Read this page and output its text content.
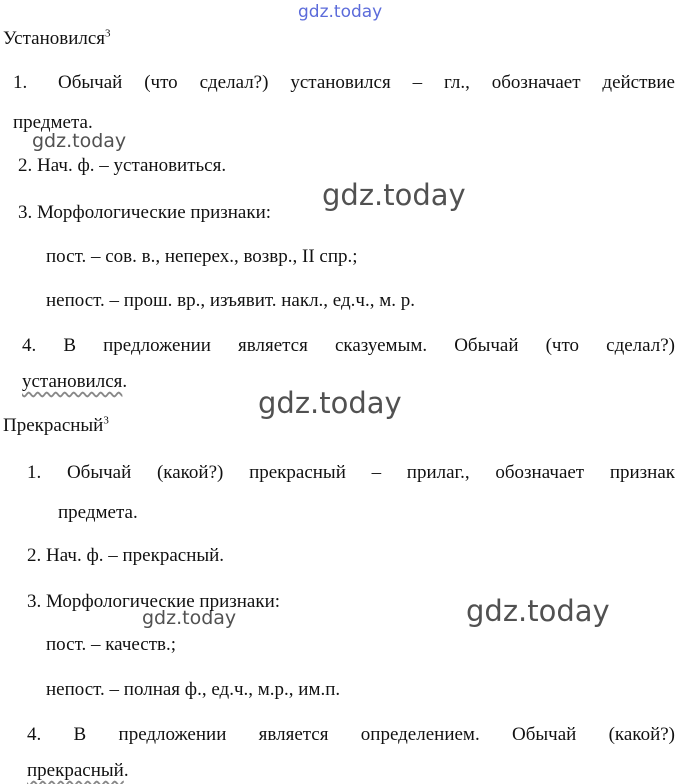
gdz.today
gdz.today
gdz.today
gdz.today
gdz.today
gdz.today
Установился$^3$
1. Обычай (что сделал?) установился – гл., обозначает действие
предмета.
2. Нач. ф. – установиться.
3. Морфологические признаки:
пост. – сов. в., неперех., возвр., II спр.;
непост. – прош. вр., изъявит. накл., ед.ч., м. р.
4. В предложении является сказуемым. Обычай (что сделал?)
установился.
Прекрасный$^3$
1. Обычай (какой?) прекрасный – прилаг., обозначает признак
предмета.
2. Нач. ф. – прекрасный.
3. Морфологические признаки:
пост. – качеств.;
непост. – полная ф., ед.ч., м.р., им.п.
4. В предложении является определением. Обычай (какой?)
прекрасный.
